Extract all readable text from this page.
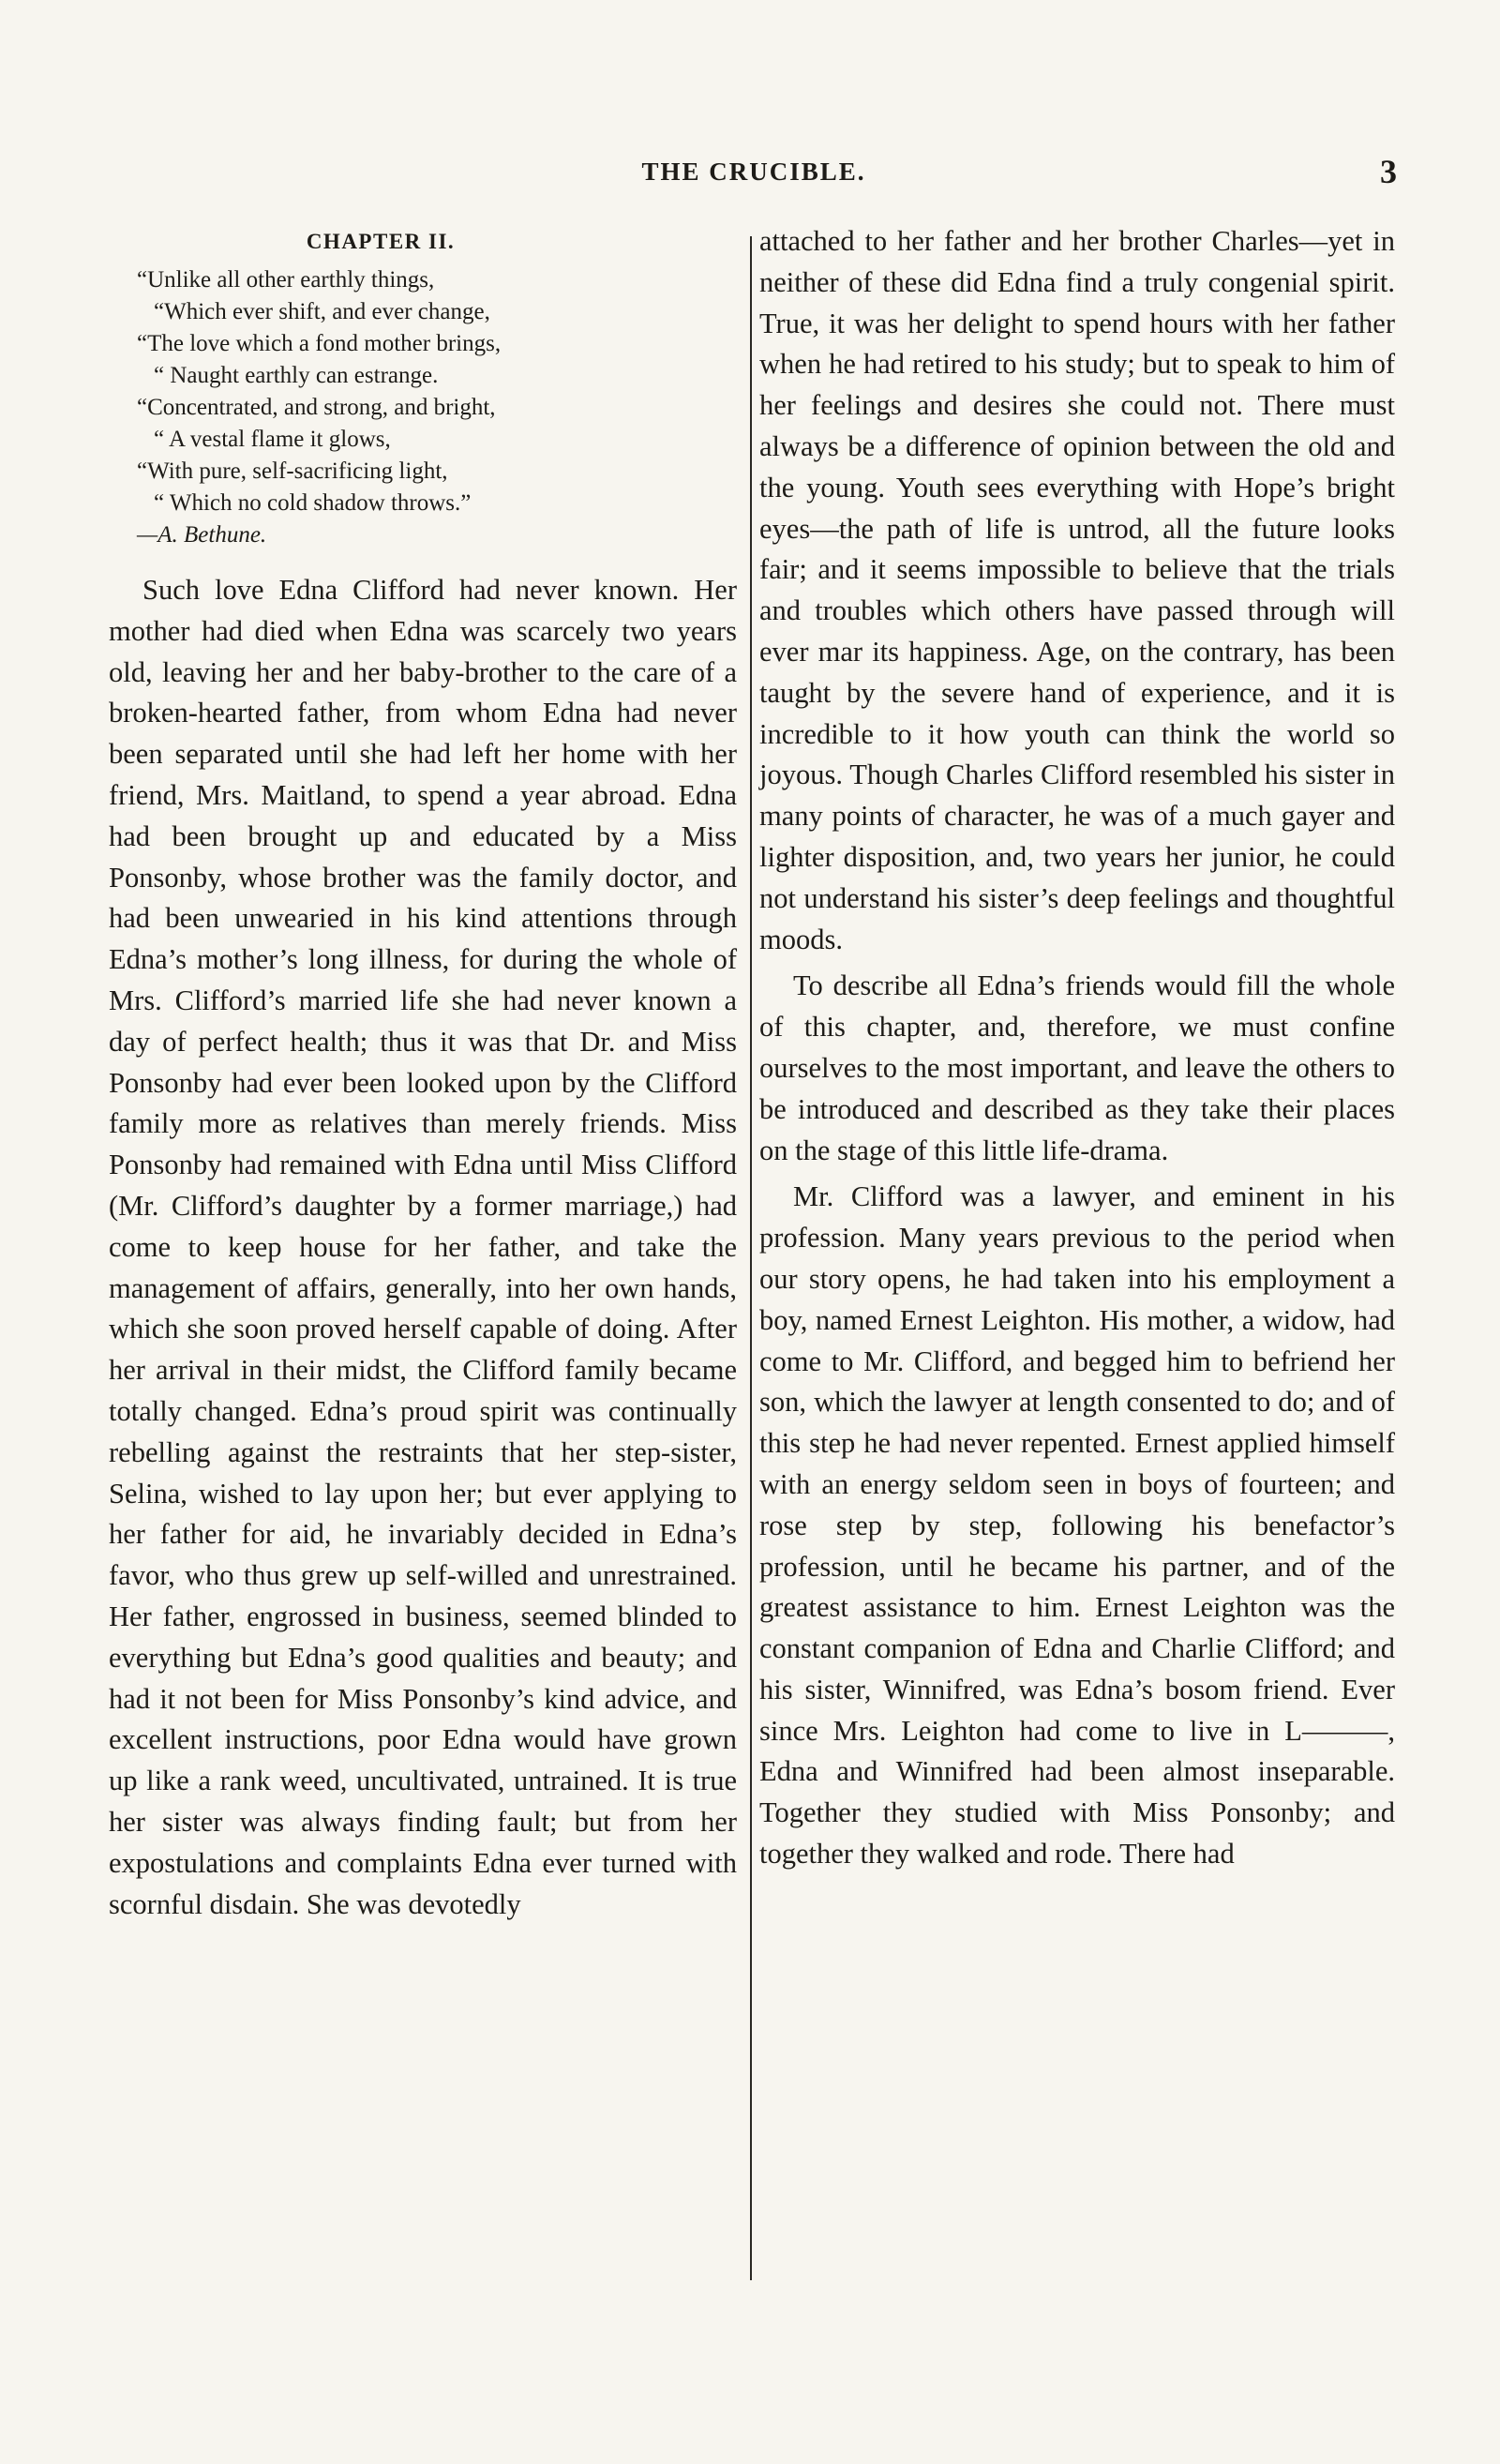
THE CRUCIBLE.	3
CHAPTER II.
“Unlike all other earthly things,
“Which ever shift, and ever change,
“The love which a fond mother brings,
“ Naught earthly can estrange.
“Concentrated, and strong, and bright,
“ A vestal flame it glows,
“With pure, self-sacrificing light,
“ Which no cold shadow throws.”
—A. Bethune.

Such love Edna Clifford had never known. Her mother had died when Edna was scarcely two years old, leaving her and her baby-brother to the care of a broken-hearted father, from whom Edna had never been separated until she had left her home with her friend, Mrs. Maitland, to spend a year abroad. Edna had been brought up and educated by a Miss Ponsonby, whose brother was the family doctor, and had been unwearied in his kind attentions through Edna’s mother’s long illness, for during the whole of Mrs. Clifford’s married life she had never known a day of perfect health; thus it was that Dr. and Miss Ponsonby had ever been looked upon by the Clifford family more as relatives than merely friends. Miss Ponsonby had remained with Edna until Miss Clifford (Mr. Clifford’s daughter by a former marriage,) had come to keep house for her father, and take the management of affairs, generally, into her own hands, which she soon proved herself capable of doing. After her arrival in their midst, the Clifford family became totally changed. Edna’s proud spirit was continually rebelling against the restraints that her step-sister, Selina, wished to lay upon her; but ever applying to her father for aid, he invariably decided in Edna’s favor, who thus grew up self-willed and unrestrained. Her father, engrossed in business, seemed blinded to everything but Edna’s good qualities and beauty; and had it not been for Miss Ponsonby’s kind advice, and excellent instructions, poor Edna would have grown up like a rank weed, uncultivated, untrained. It is true her sister was always finding fault; but from her expostulations and complaints Edna ever turned with scornful disdain. She was devotedly

attached to her father and her brother Charles—yet in neither of these did Edna find a truly congenial spirit. True, it was her delight to spend hours with her father when he had retired to his study; but to speak to him of her feelings and desires she could not. There must always be a difference of opinion between the old and the young. Youth sees everything with Hope’s bright eyes—the path of life is untrod, all the future looks fair; and it seems impossible to believe that the trials and troubles which others have passed through will ever mar its happiness. Age, on the contrary, has been taught by the severe hand of experience, and it is incredible to it how youth can think the world so joyous. Though Charles Clifford resembled his sister in many points of character, he was of a much gayer and lighter disposition, and, two years her junior, he could not understand his sister’s deep feelings and thoughtful moods.

To describe all Edna’s friends would fill the whole of this chapter, and, therefore, we must confine ourselves to the most important, and leave the others to be introduced and described as they take their places on the stage of this little life-drama.

Mr. Clifford was a lawyer, and eminent in his profession. Many years previous to the period when our story opens, he had taken into his employment a boy, named Ernest Leighton. His mother, a widow, had come to Mr. Clifford, and begged him to befriend her son, which the lawyer at length consented to do; and of this step he had never repented. Ernest applied himself with an energy seldom seen in boys of fourteen; and rose step by step, following his benefactor’s profession, until he became his partner, and of the greatest assistance to him. Ernest Leighton was the constant companion of Edna and Charlie Clifford; and his sister, Winnifred, was Edna’s bosom friend. Ever since Mrs. Leighton had come to live in L———, Edna and Winnifred had been almost inseparable. Together they studied with Miss Ponsonby; and together they walked and rode. There had
